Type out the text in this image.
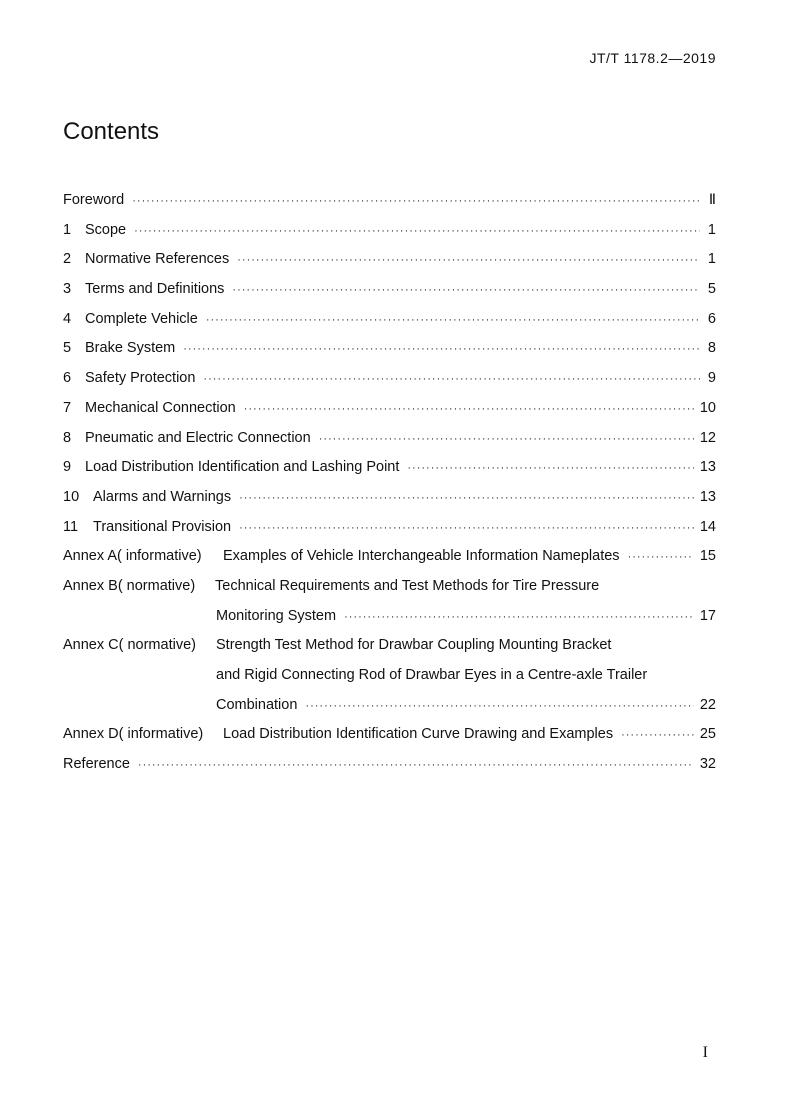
JT/T 1178.2—2019
Contents
Foreword ·····	Ⅱ
1 Scope ·····	1
2 Normative References ·····	1
3 Terms and Definitions ·····	5
4 Complete Vehicle ·····	6
5 Brake System ·····	8
6 Safety Protection ·····	9
7 Mechanical Connection ·····	10
8 Pneumatic and Electric Connection ·····	12
9 Load Distribution Identification and Lashing Point ·····	13
10 Alarms and Warnings ·····	13
11	Transitional Provision ·····	14
Annex A( informative)	Examples of Vehicle Interchangeable Information Nameplates ·····	15
Annex B( normative)	Technical Requirements and Test Methods for Tire Pressure
Monitoring System ·····	17
Annex C( normative)	Strength Test Method for Drawbar Coupling Mounting Bracket
and Rigid Connecting Rod of Drawbar Eyes in a Centre-axle Trailer
Combination ·····	22
Annex D( informative)	Load Distribution Identification Curve Drawing and Examples ·····	25
Reference ·····	32
I
